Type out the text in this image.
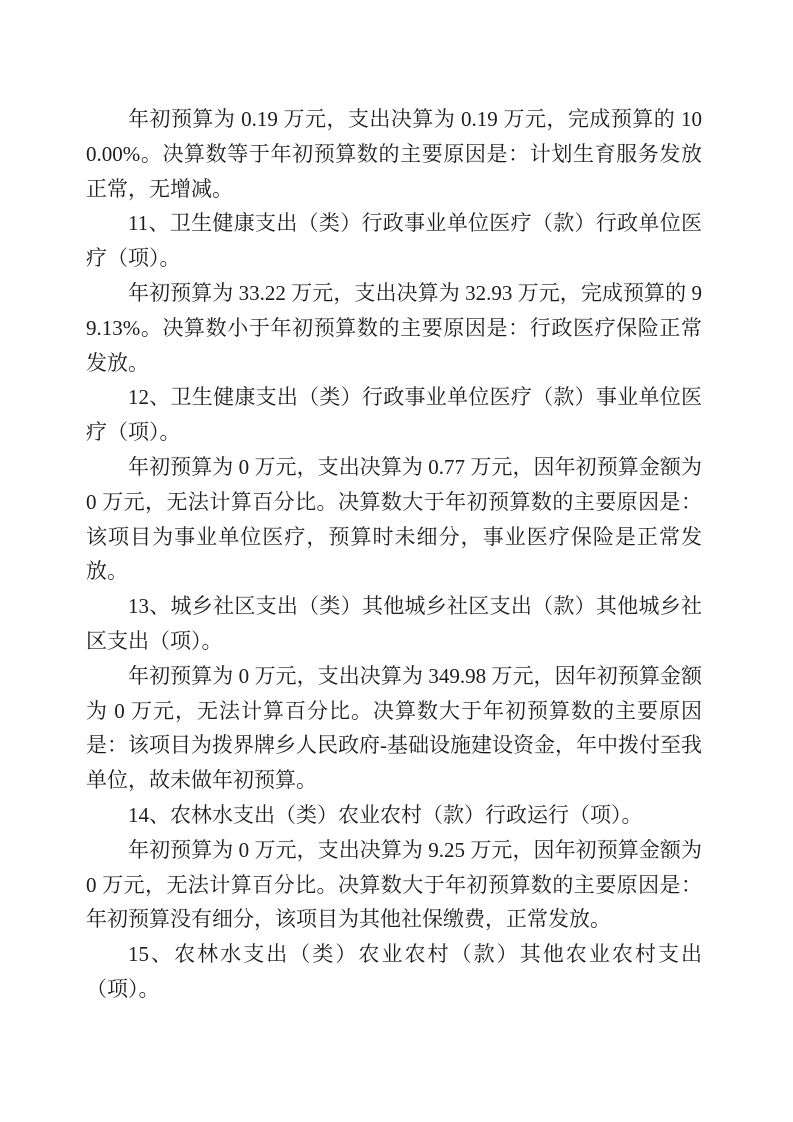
年初预算为 0.19 万元，支出决算为 0.19 万元，完成预算的 100.00%。决算数等于年初预算数的主要原因是：计划生育服务发放正常，无增减。

11、卫生健康支出（类）行政事业单位医疗（款）行政单位医疗（项）。

年初预算为 33.22 万元，支出决算为 32.93 万元，完成预算的 99.13%。决算数小于年初预算数的主要原因是：行政医疗保险正常发放。

12、卫生健康支出（类）行政事业单位医疗（款）事业单位医疗（项）。

年初预算为 0 万元，支出决算为 0.77 万元，因年初预算金额为 0 万元，无法计算百分比。决算数大于年初预算数的主要原因是：该项目为事业单位医疗，预算时未细分，事业医疗保险是正常发放。

13、城乡社区支出（类）其他城乡社区支出（款）其他城乡社区支出（项）。

年初预算为 0 万元，支出决算为 349.98 万元，因年初预算金额为 0 万元，无法计算百分比。决算数大于年初预算数的主要原因是：该项目为拨界牌乡人民政府-基础设施建设资金，年中拨付至我单位，故未做年初预算。

14、农林水支出（类）农业农村（款）行政运行（项）。

年初预算为 0 万元，支出决算为 9.25 万元，因年初预算金额为 0 万元，无法计算百分比。决算数大于年初预算数的主要原因是：年初预算没有细分，该项目为其他社保缴费，正常发放。

15、农林水支出（类）农业农村（款）其他农业农村支出（项）。
